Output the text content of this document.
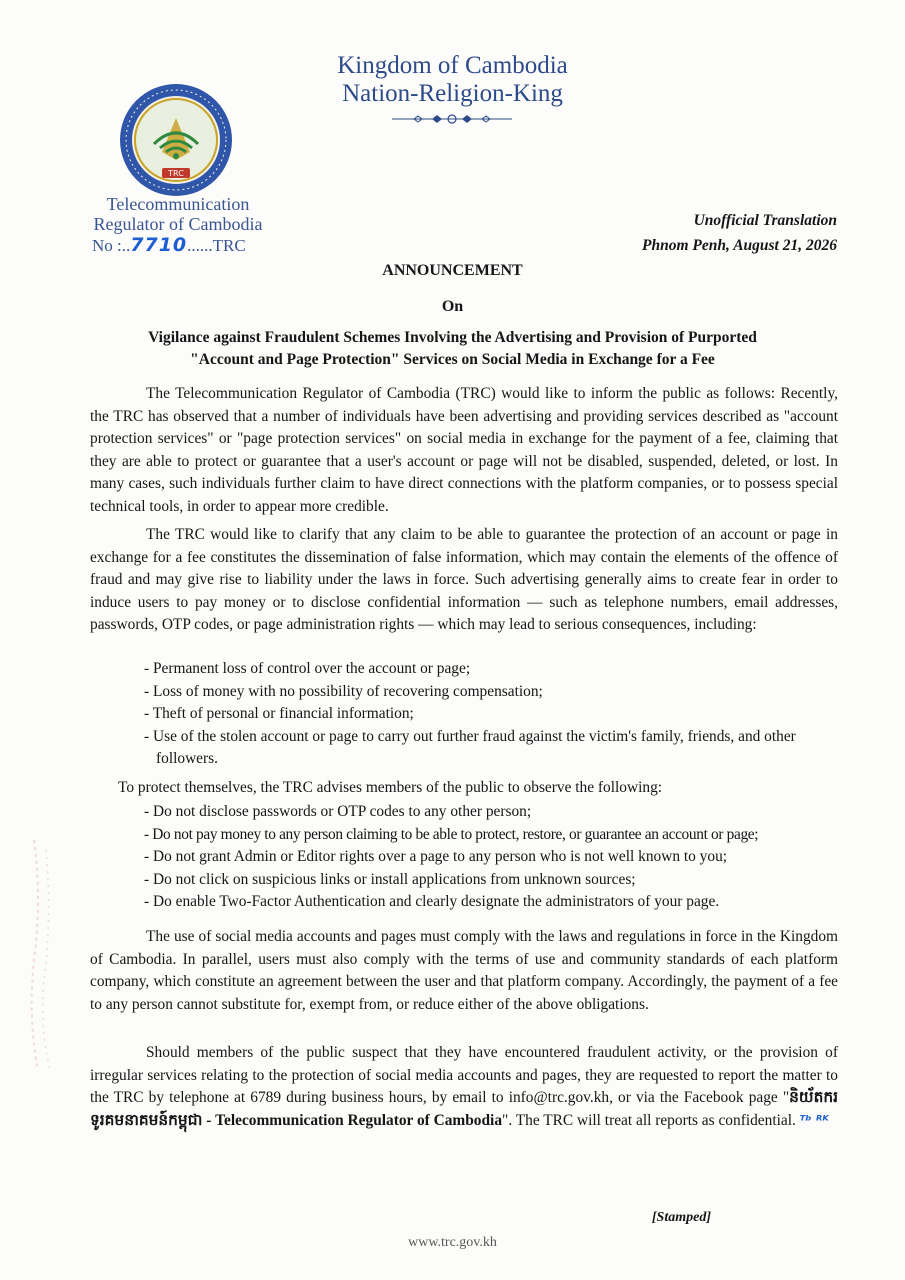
Kingdom of Cambodia
Nation-Religion-King
TRC
Telecommunication
Regulator of Cambodia
No :..7710......TRC
Unofficial Translation
Phnom Penh, August 21, 2026
ANNOUNCEMENT
On
Vigilance against Fraudulent Schemes Involving the Advertising and Provision of Purported
"Account and Page Protection" Services on Social Media in Exchange for a Fee

The Telecommunication Regulator of Cambodia (TRC) would like to inform the public as follows: Recently, the TRC has observed that a number of individuals have been advertising and providing services described as "account protection services" or "page protection services" on social media in exchange for the payment of a fee, claiming that they are able to protect or guarantee that a user's account or page will not be disabled, suspended, deleted, or lost. In many cases, such individuals further claim to have direct connections with the platform companies, or to possess special technical tools, in order to appear more credible.

The TRC would like to clarify that any claim to be able to guarantee the protection of an account or page in exchange for a fee constitutes the dissemination of false information, which may contain the elements of the offence of fraud and may give rise to liability under the laws in force. Such advertising generally aims to create fear in order to induce users to pay money or to disclose confidential information — such as telephone numbers, email addresses, passwords, OTP codes, or page administration rights — which may lead to serious consequences, including:

- Permanent loss of control over the account or page;
- Loss of money with no possibility of recovering compensation;
- Theft of personal or financial information;
- Use of the stolen account or page to carry out further fraud against the victim's family, friends, and other followers.
To protect themselves, the TRC advises members of the public to observe the following:
- Do not disclose passwords or OTP codes to any other person;
- Do not pay money to any person claiming to be able to protect, restore, or guarantee an account or page;
- Do not grant Admin or Editor rights over a page to any person who is not well known to you;
- Do not click on suspicious links or install applications from unknown sources;
- Do enable Two-Factor Authentication and clearly designate the administrators of your page.

The use of social media accounts and pages must comply with the laws and regulations in force in the Kingdom of Cambodia. In parallel, users must also comply with the terms of use and community standards of each platform company, which constitute an agreement between the user and that platform company. Accordingly, the payment of a fee to any person cannot substitute for, exempt from, or reduce either of the above obligations.

Should members of the public suspect that they have encountered fraudulent activity, or the provision of irregular services relating to the protection of social media accounts and pages, they are requested to report the matter to the TRC by telephone at 6789 during business hours, by email to info@trc.gov.kh, or via the Facebook page "និយ័តករទូរគមនាគមន៍កម្ពុជា - Telecommunication Regulator of Cambodia". The TRC will treat all reports as confidential. ᵀᵇ ᴿᴷ

[Stamped]
www.trc.gov.kh
